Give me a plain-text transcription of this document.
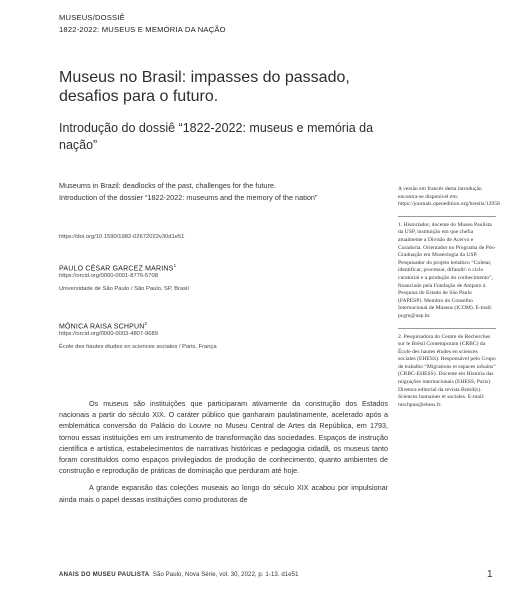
MUSEUS/DOSSIÊ
1822-2022: MUSEUS E MEMÓRIA DA NAÇÃO
Museus no Brasil: impasses do passado, desafios para o futuro.
Introdução do dossiê “1822-2022: museus e memória da nação”
Museums in Brazil: deadlocks of the past, challenges for the future.
Introduction of the dossier “1822-2022: museums and the memory of the nation”
https://doi.org/10.1590/1982-02672022v30d1e51
PAULO CÉSAR GARCEZ MARINS$^1$
https://orcid.org/0000-0001-8776-5708
Universidade de São Paulo / São Paulo, SP, Brasil
MÔNICA RAISA SCHPUN$^2$
https://orcid.org/0000-0003-4807-9689
École des hautes études en sciences sociales / Paris, França

Os museus são instituições que participaram ativamente da construção dos Estados nacionais a partir do século XIX. O caráter público que ganharam paulatinamente, acelerado após a emblemática conversão do Palácio do Louvre no Museu Central de Artes da República, em 1793, tornou essas instituições em um instrumento de transformação das sociedades. Espaços de instrução científica e artística, estabelecimentos de narrativas históricas e pedagogia cidadã, os museus tanto foram constituídos como espaços privilegiados de produção de conhecimento, quanto ambientes de construção e reprodução de práticas de dominação que perduram até hoje.

A grande expansão das coleções museais ao longo do século XIX acabou por impulsionar ainda mais o papel dessas instituições como produtoras de

A versão em francês desta introdução encontra-se disponível em: https://journals.openedition.org/bresils/12958
1. Historiador, docente do Museu Paulista da USP, instituição em que chefia atualmente a Divisão de Acervo e Curadoria. Orientador no Programa de Pós-Graduação em Museologia da USP. Pesquisador do projeto temático “Coletar, identificar, processar, difundir: o ciclo curatorial e a produção do conhecimento”, financiado pela Fundação de Amparo à Pesquisa do Estado de São Paulo (FAPESP). Membro do Conselho Internacional de Museus (ICOM). E-mail: pcgm@usp.br.
2. Pesquisadora do Centre de Recherches sur le Brésil Contemporain (CRBC) da École des hautes études en sciences sociales (EHESS). Responsável pelo Grupo de trabalho “Migrations et espaces urbains” (CRBC-EHESS). Docente em História das migrações internacionais (EHESS, Paris). Diretora editorial da revista Brésil(s). Sciences humaines et sociales. E-mail: mschpun@ehess.fr.
ANAIS DO MUSEU PAULISTA São Paulo, Nova Série, vol. 30, 2022, p. 1-13. d1e51	1
